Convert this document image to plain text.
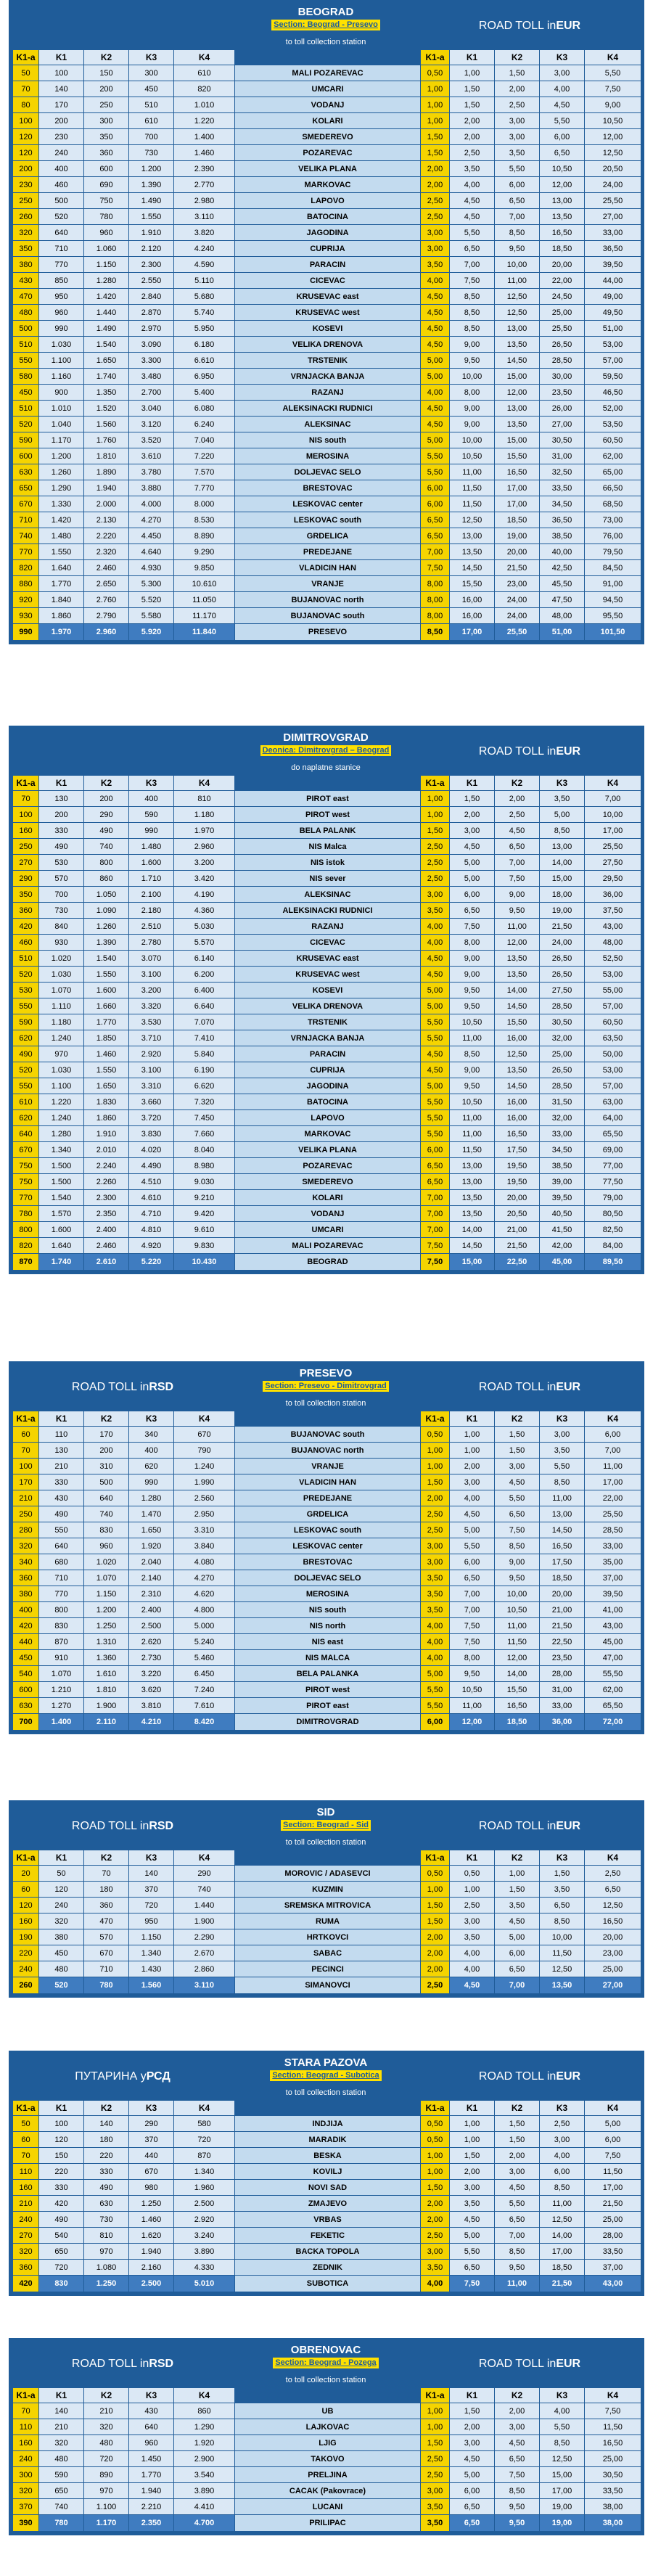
BEOGRAD
Section: Beograd - Presevo
to toll collection station
ROAD TOLL in EUR
K1-a	K1	K2	K3	K4		K1-a	K1	K2	K3	K4
50	100	150	300	610	MALI POZAREVAC	0,50	1,00	1,50	3,00	5,50
70	140	200	450	820	UMCARI	1,00	1,50	2,00	4,00	7,50
80	170	250	510	1.010	VODANJ	1,00	1,50	2,50	4,50	9,00
100	200	300	610	1.220	KOLARI	1,00	2,00	3,00	5,50	10,50
120	230	350	700	1.400	SMEDEREVO	1,50	2,00	3,00	6,00	12,00
120	240	360	730	1.460	POZAREVAC	1,50	2,50	3,50	6,50	12,50
200	400	600	1.200	2.390	VELIKA PLANA	2,00	3,50	5,50	10,50	20,50
230	460	690	1.390	2.770	MARKOVAC	2,00	4,00	6,00	12,00	24,00
250	500	750	1.490	2.980	LAPOVO	2,50	4,50	6,50	13,00	25,50
260	520	780	1.550	3.110	BATOCINA	2,50	4,50	7,00	13,50	27,00
320	640	960	1.910	3.820	JAGODINA	3,00	5,50	8,50	16,50	33,00
350	710	1.060	2.120	4.240	CUPRIJA	3,00	6,50	9,50	18,50	36,50
380	770	1.150	2.300	4.590	PARACIN	3,50	7,00	10,00	20,00	39,50
430	850	1.280	2.550	5.110	CICEVAC	4,00	7,50	11,00	22,00	44,00
470	950	1.420	2.840	5.680	KRUSEVAC east	4,50	8,50	12,50	24,50	49,00
480	960	1.440	2.870	5.740	KRUSEVAC west	4,50	8,50	12,50	25,00	49,50
500	990	1.490	2.970	5.950	KOSEVI	4,50	8,50	13,00	25,50	51,00
510	1.030	1.540	3.090	6.180	VELIKA DRENOVA	4,50	9,00	13,50	26,50	53,00
550	1.100	1.650	3.300	6.610	TRSTENIK	5,00	9,50	14,50	28,50	57,00
580	1.160	1.740	3.480	6.950	VRNJACKA BANJA	5,00	10,00	15,00	30,00	59,50
450	900	1.350	2.700	5.400	RAZANJ	4,00	8,00	12,00	23,50	46,50
510	1.010	1.520	3.040	6.080	ALEKSINACKI RUDNICI	4,50	9,00	13,00	26,00	52,00
520	1.040	1.560	3.120	6.240	ALEKSINAC	4,50	9,00	13,50	27,00	53,50
590	1.170	1.760	3.520	7.040	NIS south	5,00	10,00	15,00	30,50	60,50
600	1.200	1.810	3.610	7.220	MEROSINA	5,50	10,50	15,50	31,00	62,00
630	1.260	1.890	3.780	7.570	DOLJEVAC SELO	5,50	11,00	16,50	32,50	65,00
650	1.290	1.940	3.880	7.770	BRESTOVAC	6,00	11,50	17,00	33,50	66,50
670	1.330	2.000	4.000	8.000	LESKOVAC center	6,00	11,50	17,00	34,50	68,50
710	1.420	2.130	4.270	8.530	LESKOVAC south	6,50	12,50	18,50	36,50	73,00
740	1.480	2.220	4.450	8.890	GRDELICA	6,50	13,00	19,00	38,50	76,00
770	1.550	2.320	4.640	9.290	PREDEJANE	7,00	13,50	20,00	40,00	79,50
820	1.640	2.460	4.930	9.850	VLADICIN HAN	7,50	14,50	21,50	42,50	84,50
880	1.770	2.650	5.300	10.610	VRANJE	8,00	15,50	23,00	45,50	91,00
920	1.840	2.760	5.520	11.050	BUJANOVAC north	8,00	16,00	24,00	47,50	94,50
930	1.860	2.790	5.580	11.170	BUJANOVAC south	8,00	16,00	24,00	48,00	95,50
990	1.970	2.960	5.920	11.840	PRESEVO	8,50	17,00	25,50	51,00	101,50
DIMITROVGRAD
Deonica: Dimitrovgrad – Beograd
do naplatne stanice
ROAD TOLL in EUR
K1-a	K1	K2	K3	K4		K1-a	K1	K2	K3	K4
70	130	200	400	810	PIROT east	1,00	1,50	2,00	3,50	7,00
100	200	290	590	1.180	PIROT west	1,00	2,00	2,50	5,00	10,00
160	330	490	990	1.970	BELA PALANK	1,50	3,00	4,50	8,50	17,00
250	490	740	1.480	2.960	NIS Malca	2,50	4,50	6,50	13,00	25,50
270	530	800	1.600	3.200	NIS istok	2,50	5,00	7,00	14,00	27,50
290	570	860	1.710	3.420	NIS sever	2,50	5,00	7,50	15,00	29,50
350	700	1.050	2.100	4.190	ALEKSINAC	3,00	6,00	9,00	18,00	36,00
360	730	1.090	2.180	4.360	ALEKSINACKI RUDNICI	3,50	6,50	9,50	19,00	37,50
420	840	1.260	2.510	5.030	RAZANJ	4,00	7,50	11,00	21,50	43,00
460	930	1.390	2.780	5.570	CICEVAC	4,00	8,00	12,00	24,00	48,00
510	1.020	1.540	3.070	6.140	KRUSEVAC east	4,50	9,00	13,50	26,50	52,50
520	1.030	1.550	3.100	6.200	KRUSEVAC west	4,50	9,00	13,50	26,50	53,00
530	1.070	1.600	3.200	6.400	KOSEVI	5,00	9,50	14,00	27,50	55,00
550	1.110	1.660	3.320	6.640	VELIKA DRENOVA	5,00	9,50	14,50	28,50	57,00
590	1.180	1.770	3.530	7.070	TRSTENIK	5,50	10,50	15,50	30,50	60,50
620	1.240	1.850	3.710	7.410	VRNJACKA BANJA	5,50	11,00	16,00	32,00	63,50
490	970	1.460	2.920	5.840	PARACIN	4,50	8,50	12,50	25,00	50,00
520	1.030	1.550	3.100	6.190	CUPRIJA	4,50	9,00	13,50	26,50	53,00
550	1.100	1.650	3.310	6.620	JAGODINA	5,00	9,50	14,50	28,50	57,00
610	1.220	1.830	3.660	7.320	BATOCINA	5,50	10,50	16,00	31,50	63,00
620	1.240	1.860	3.720	7.450	LAPOVO	5,50	11,00	16,00	32,00	64,00
640	1.280	1.910	3.830	7.660	MARKOVAC	5,50	11,00	16,50	33,00	65,50
670	1.340	2.010	4.020	8.040	VELIKA PLANA	6,00	11,50	17,50	34,50	69,00
750	1.500	2.240	4.490	8.980	POZAREVAC	6,50	13,00	19,50	38,50	77,00
750	1.500	2.260	4.510	9.030	SMEDEREVO	6,50	13,00	19,50	39,00	77,50
770	1.540	2.300	4.610	9.210	KOLARI	7,00	13,50	20,00	39,50	79,00
780	1.570	2.350	4.710	9.420	VODANJ	7,00	13,50	20,50	40,50	80,50
800	1.600	2.400	4.810	9.610	UMCARI	7,00	14,00	21,00	41,50	82,50
820	1.640	2.460	4.920	9.830	MALI POZAREVAC	7,50	14,50	21,50	42,00	84,00
870	1.740	2.610	5.220	10.430	BEOGRAD	7,50	15,00	22,50	45,00	89,50
ROAD TOLL in RSD
PRESEVO
Section: Presevo - Dimitrovgrad
to toll collection station
ROAD TOLL in EUR
K1-a	K1	K2	K3	K4		K1-a	K1	K2	K3	K4
60	110	170	340	670	BUJANOVAC south	0,50	1,00	1,50	3,00	6,00
70	130	200	400	790	BUJANOVAC north	1,00	1,00	1,50	3,50	7,00
100	210	310	620	1.240	VRANJE	1,00	2,00	3,00	5,50	11,00
170	330	500	990	1.990	VLADICIN HAN	1,50	3,00	4,50	8,50	17,00
210	430	640	1.280	2.560	PREDEJANE	2,00	4,00	5,50	11,00	22,00
250	490	740	1.470	2.950	GRDELICA	2,50	4,50	6,50	13,00	25,50
280	550	830	1.650	3.310	LESKOVAC south	2,50	5,00	7,50	14,50	28,50
320	640	960	1.920	3.840	LESKOVAC center	3,00	5,50	8,50	16,50	33,00
340	680	1.020	2.040	4.080	BRESTOVAC	3,00	6,00	9,00	17,50	35,00
360	710	1.070	2.140	4.270	DOLJEVAC SELO	3,50	6,50	9,50	18,50	37,00
380	770	1.150	2.310	4.620	MEROSINA	3,50	7,00	10,00	20,00	39,50
400	800	1.200	2.400	4.800	NIS south	3,50	7,00	10,50	21,00	41,00
420	830	1.250	2.500	5.000	NIS north	4,00	7,50	11,00	21,50	43,00
440	870	1.310	2.620	5.240	NIS east	4,00	7,50	11,50	22,50	45,00
450	910	1.360	2.730	5.460	NIS MALCA	4,00	8,00	12,00	23,50	47,00
540	1.070	1.610	3.220	6.450	BELA PALANKA	5,00	9,50	14,00	28,00	55,50
600	1.210	1.810	3.620	7.240	PIROT west	5,50	10,50	15,50	31,00	62,00
630	1.270	1.900	3.810	7.610	PIROT east	5,50	11,00	16,50	33,00	65,50
700	1.400	2.110	4.210	8.420	DIMITROVGRAD	6,00	12,00	18,50	36,00	72,00
ROAD TOLL in RSD
SID
Section: Beograd - Sid
to toll collection station
ROAD TOLL in EUR
K1-a	K1	K2	K3	K4		K1-a	K1	K2	K3	K4
20	50	70	140	290	MOROVIC / ADASEVCI	0,50	0,50	1,00	1,50	2,50
60	120	180	370	740	KUZMIN	1,00	1,00	1,50	3,50	6,50
120	240	360	720	1.440	SREMSKA MITROVICA	1,50	2,50	3,50	6,50	12,50
160	320	470	950	1.900	RUMA	1,50	3,00	4,50	8,50	16,50
190	380	570	1.150	2.290	HRTKOVCI	2,00	3,50	5,00	10,00	20,00
220	450	670	1.340	2.670	SABAC	2,00	4,00	6,00	11,50	23,00
240	480	710	1.430	2.860	PECINCI	2,00	4,00	6,50	12,50	25,00
260	520	780	1.560	3.110	SIMANOVCI	2,50	4,50	7,00	13,50	27,00
ПУТАРИНА у РСД
STARA PAZOVA
Section: Beograd - Subotica
to toll collection station
ROAD TOLL in EUR
K1-a	K1	K2	K3	K4		K1-a	K1	K2	K3	K4
50	100	140	290	580	INDJIJA	0,50	1,00	1,50	2,50	5,00
60	120	180	370	720	MARADIK	0,50	1,00	1,50	3,00	6,00
70	150	220	440	870	BESKA	1,00	1,50	2,00	4,00	7,50
110	220	330	670	1.340	KOVILJ	1,00	2,00	3,00	6,00	11,50
160	330	490	980	1.960	NOVI SAD	1,50	3,00	4,50	8,50	17,00
210	420	630	1.250	2.500	ZMAJEVO	2,00	3,50	5,50	11,00	21,50
240	490	730	1.460	2.920	VRBAS	2,00	4,50	6,50	12,50	25,00
270	540	810	1.620	3.240	FEKETIC	2,50	5,00	7,00	14,00	28,00
320	650	970	1.940	3.890	BACKA TOPOLA	3,00	5,50	8,50	17,00	33,50
360	720	1.080	2.160	4.330	ZEDNIK	3,50	6,50	9,50	18,50	37,00
420	830	1.250	2.500	5.010	SUBOTICA	4,00	7,50	11,00	21,50	43,00
ROAD TOLL in RSD
OBRENOVAC
Section: Beograd - Pozega
to toll collection station
ROAD TOLL in EUR
K1-a	K1	K2	K3	K4		K1-a	K1	K2	K3	K4
70	140	210	430	860	UB	1,00	1,50	2,00	4,00	7,50
110	210	320	640	1.290	LAJKOVAC	1,00	2,00	3,00	5,50	11,50
160	320	480	960	1.920	LJIG	1,50	3,00	4,50	8,50	16,50
240	480	720	1.450	2.900	TAKOVO	2,50	4,50	6,50	12,50	25,00
300	590	890	1.770	3.540	PRELJINA	2,50	5,00	7,50	15,00	30,50
320	650	970	1.940	3.890	CACAK (Pakovrace)	3,00	6,00	8,50	17,00	33,50
370	740	1.100	2.210	4.410	LUCANI	3,50	6,50	9,50	19,00	38,00
390	780	1.170	2.350	4.700	PRILIPAC	3,50	6,50	9,50	19,00	38,00
